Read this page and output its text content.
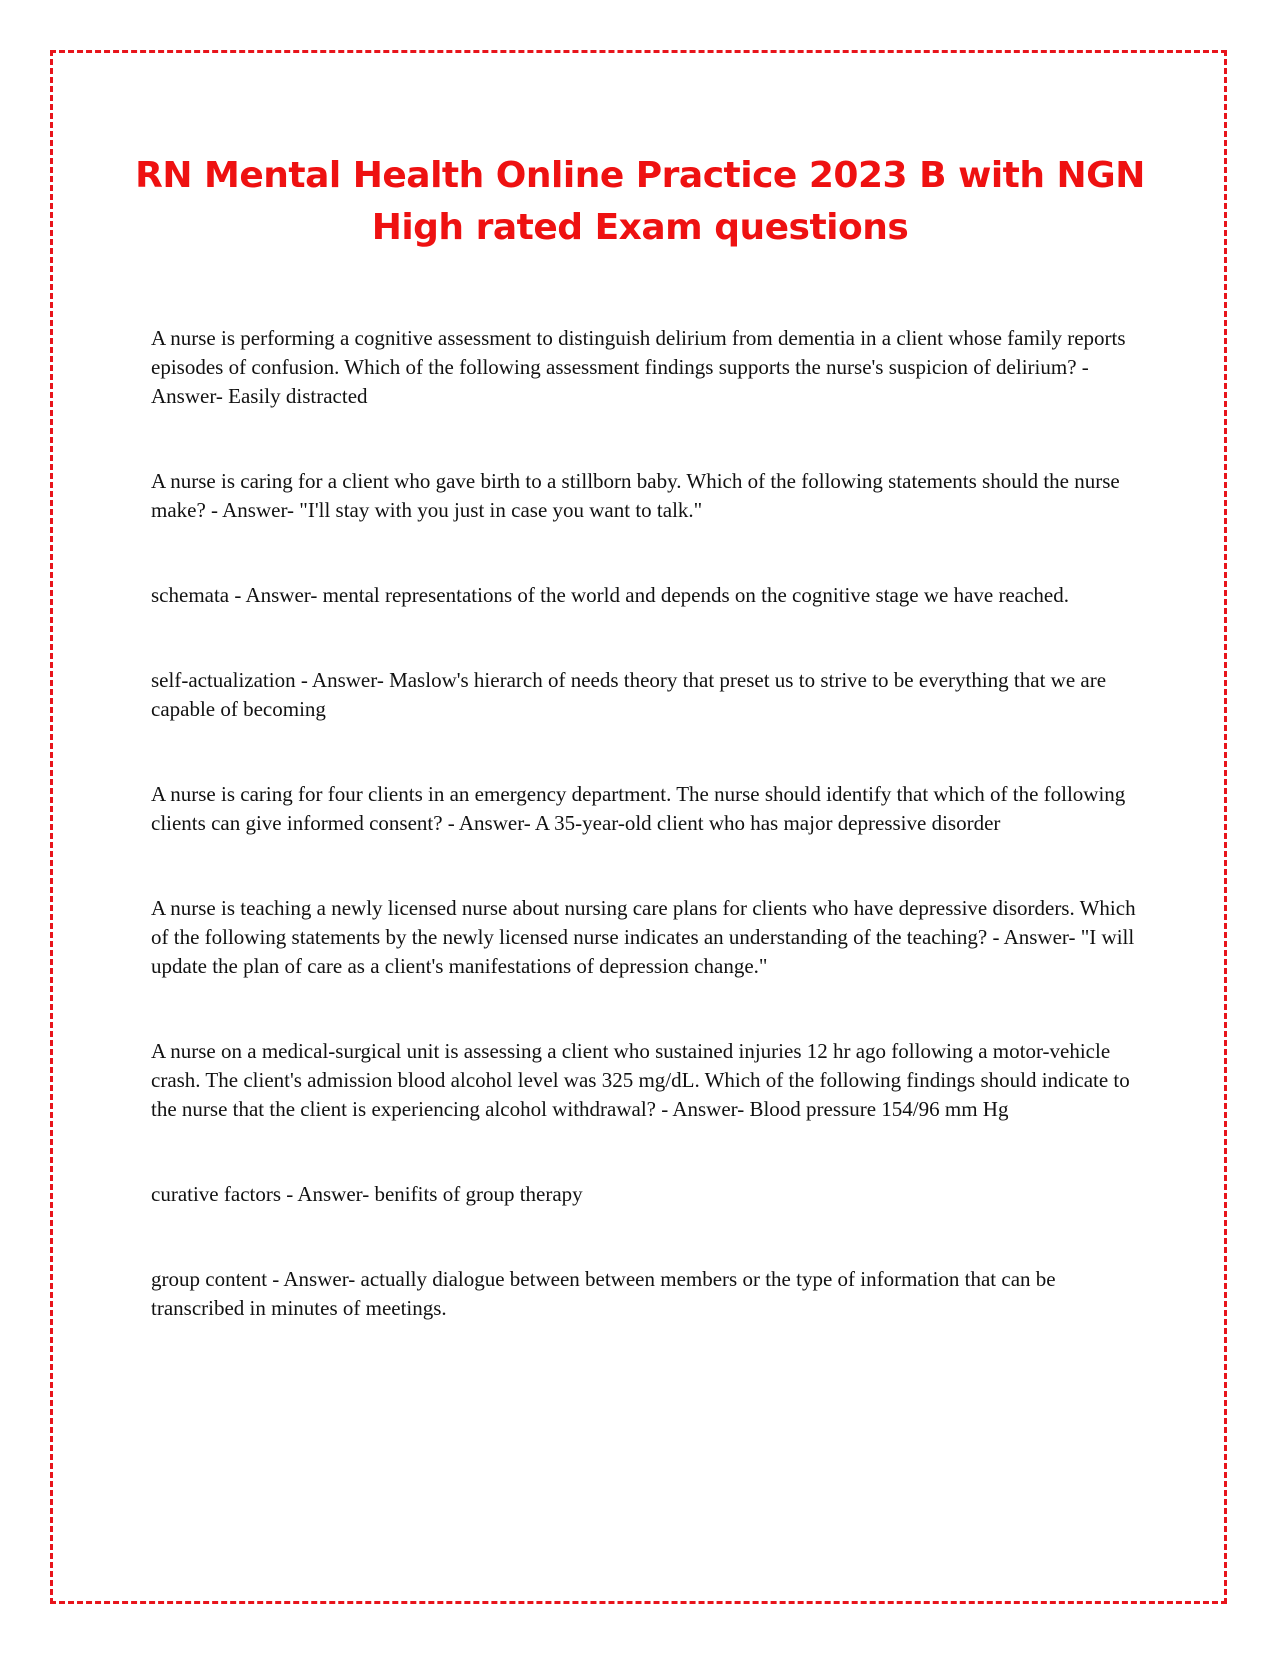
RN Mental Health Online Practice 2023 B with NGN
High rated Exam questions

A nurse is performing a cognitive assessment to distinguish delirium from dementia in a client whose family reports episodes of confusion. Which of the following assessment findings supports the nurse's suspicion of delirium? - Answer- Easily distracted

A nurse is caring for a client who gave birth to a stillborn baby. Which of the following statements should the nurse make? - Answer- "I'll stay with you just in case you want to talk."

schemata - Answer- mental representations of the world and depends on the cognitive stage we have reached.

self-actualization - Answer- Maslow's hierarch of needs theory that preset us to strive to be everything that we are capable of becoming

A nurse is caring for four clients in an emergency department. The nurse should identify that which of the following clients can give informed consent? - Answer- A 35-year-old client who has major depressive disorder

A nurse is teaching a newly licensed nurse about nursing care plans for clients who have depressive disorders. Which of the following statements by the newly licensed nurse indicates an understanding of the teaching? - Answer- "I will update the plan of care as a client's manifestations of depression change."

A nurse on a medical-surgical unit is assessing a client who sustained injuries 12 hr ago following a motor-vehicle crash. The client's admission blood alcohol level was 325 mg/dL. Which of the following findings should indicate to the nurse that the client is experiencing alcohol withdrawal? - Answer- Blood pressure 154/96 mm Hg

curative factors - Answer- benifits of group therapy

group content - Answer- actually dialogue between between members or the type of information that can be transcribed in minutes of meetings.
